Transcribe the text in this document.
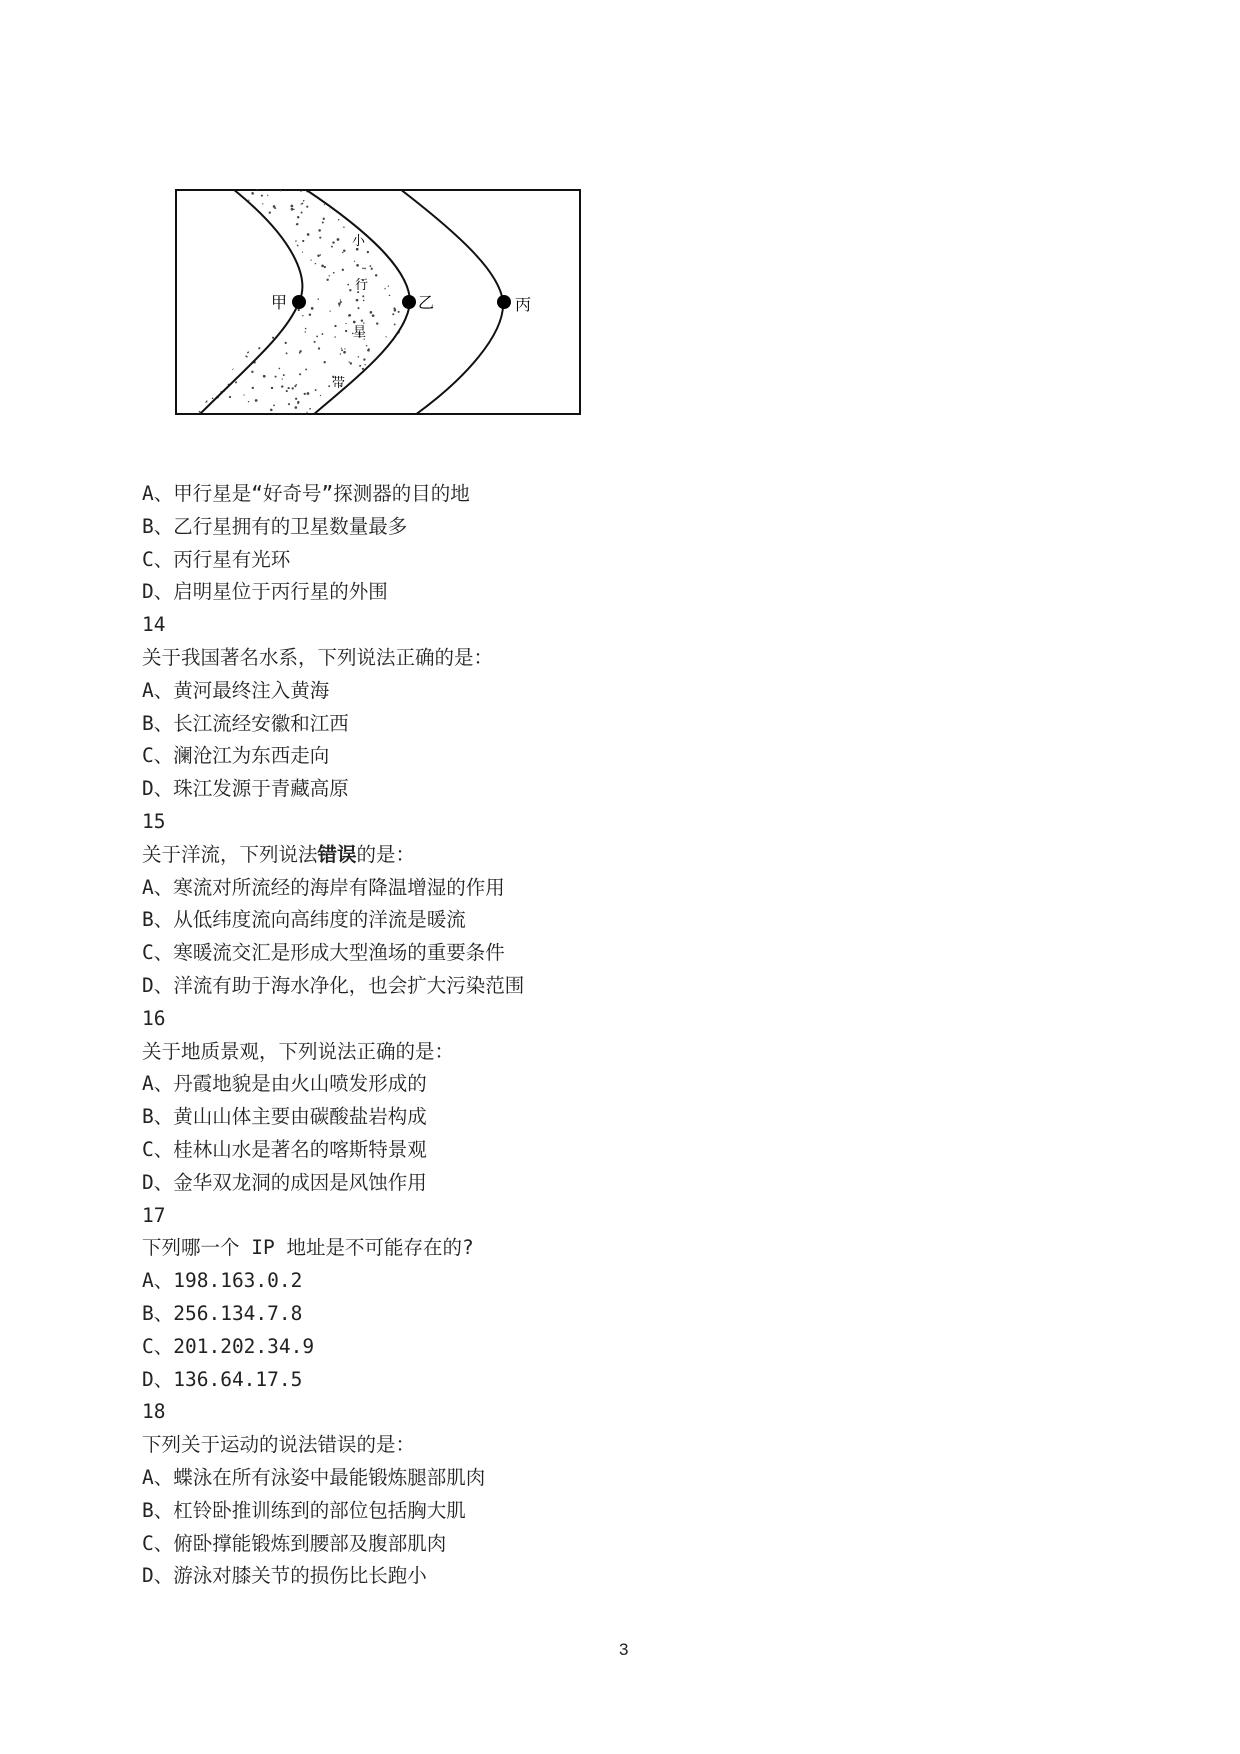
甲	乙	丙
小
行
星
带
A、甲行星是“好奇号”探测器的目的地
B、乙行星拥有的卫星数量最多
C、丙行星有光环
D、启明星位于丙行星的外围
14
关于我国著名水系，下列说法正确的是：
A、黄河最终注入黄海
B、长江流经安徽和江西
C、澜沧江为东西走向
D、珠江发源于青藏高原
15
关于洋流，下列说法错误的是：
A、寒流对所流经的海岸有降温增湿的作用
B、从低纬度流向高纬度的洋流是暖流
C、寒暖流交汇是形成大型渔场的重要条件
D、洋流有助于海水净化，也会扩大污染范围
16
关于地质景观，下列说法正确的是：
A、丹霞地貌是由火山喷发形成的
B、黄山山体主要由碳酸盐岩构成
C、桂林山水是著名的喀斯特景观
D、金华双龙洞的成因是风蚀作用
17
下列哪一个 IP 地址是不可能存在的?
A、198.163.0.2
B、256.134.7.8
C、201.202.34.9
D、136.64.17.5
18
下列关于运动的说法错误的是：
A、蝶泳在所有泳姿中最能锻炼腿部肌肉
B、杠铃卧推训练到的部位包括胸大肌
C、俯卧撑能锻炼到腰部及腹部肌肉
D、游泳对膝关节的损伤比长跑小
3
